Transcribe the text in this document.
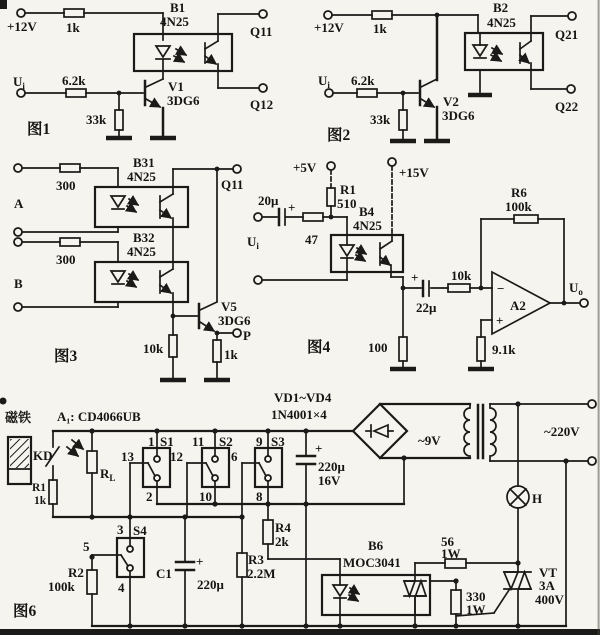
+12V 1k
B1
4N25
Q11
Q12
$U_i$	6.2k
33k
V1
3DG6
图1
+12V 1k
B2
4N25
Q21
Q22
$U_i$ 6.2k
33k
V2
3DG6
图2
A
B
300
300
B31
4N25
B32
4N25
Q11
V5
3DG6
10k	1k
P
图3
+5V
R1
510
+15V
20μ +
$U_i$	47
B4
4N25
+
22μ
10k
100
R6
100k
−
+
A2
$U_o$
9.1k
图4
磁铁 A₁: CD4066UB
KD
R1
1k
$R_L$
1 S1
13
2
11 S2
12
10
9 S3
6
8
3 S4
5
4
R2
100k
C1
+
220μ
R3
2.2M
R4
2k
VD1~VD4
1N4001×4
+
220μ
16V
~9V
~220V
H
B6
MOC3041
56
1W
330
1W
VT
3A
400V
图6
